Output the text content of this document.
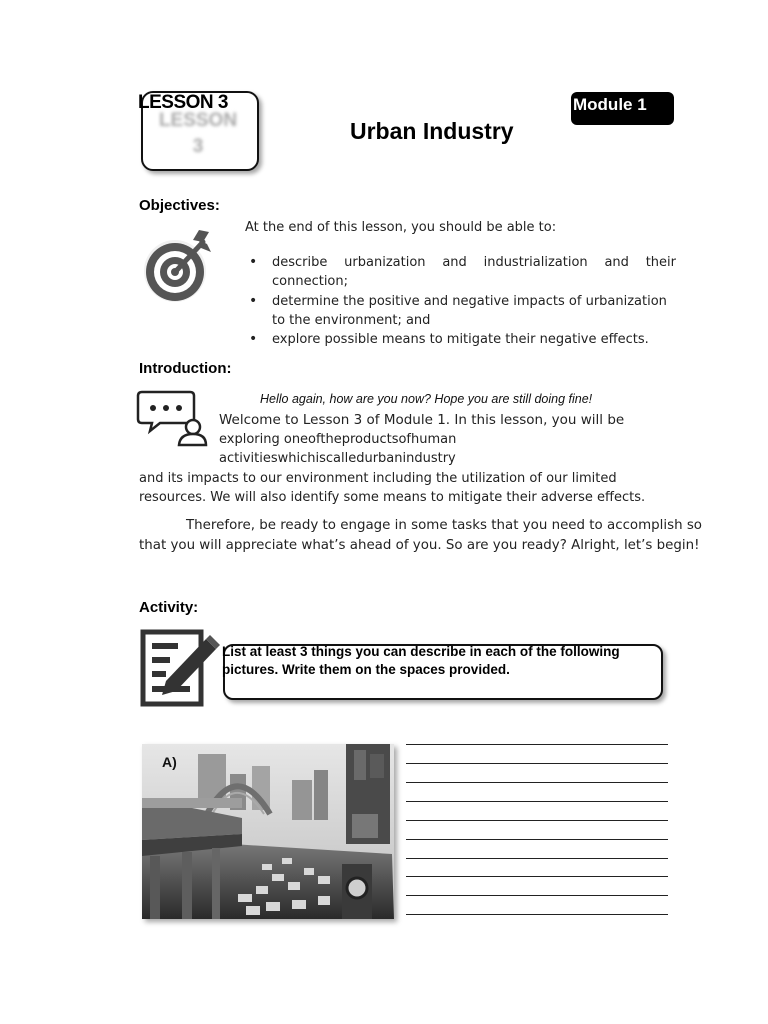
LESSON
3
LESSON 3	Module 1
Urban Industry
Objectives:
At the end of this lesson, you should be able to:
• describe urbanization and industrialization and their connection;
• determine the positive and negative impacts of urbanization to the environment; and
• explore possible means to mitigate their negative effects.
Introduction:
Hello again, how are you now? Hope you are still doing fine!
Welcome to Lesson 3 of Module 1. In this lesson, you will be
exploring oneoftheproductsofhuman
activitieswhichiscalledurbanindustry
and its impacts to our environment including the utilization of our limited
resources. We will also identify some means to mitigate their adverse effects.
Therefore, be ready to engage in some tasks that you need to accomplish so
that you will appreciate what’s ahead of you. So are you ready? Alright, let’s begin!
Activity:
List at least 3 things you can describe in each of the following pictures. Write them on the spaces provided.
A)
